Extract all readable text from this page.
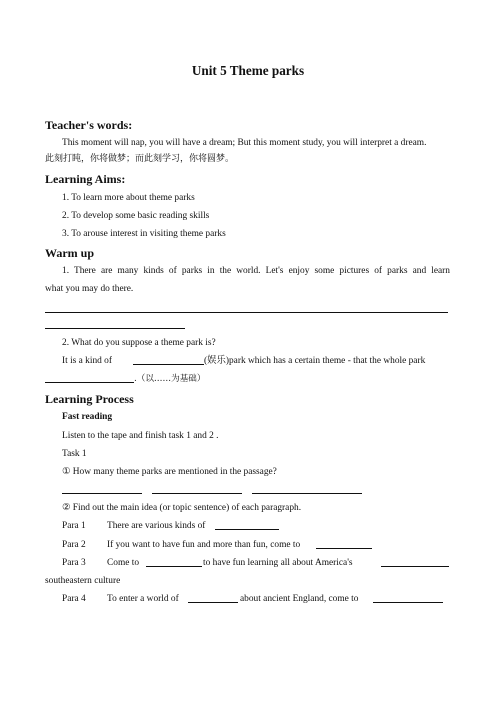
Unit 5 Theme parks
Teacher's words:
This moment will nap, you will have a dream; But this moment study, you will interpret a dream.
此刻打盹，你将做梦；而此刻学习，你将圆梦。
Learning Aims:
1. To learn more about theme parks
2. To develop some basic reading skills
3. To arouse interest in visiting theme parks
Warm up
1. There are many kinds of parks in the world. Let's enjoy some pictures of parks and learn
what you may do there.
2. What do you suppose a theme park is?
It is a kind of	(娱乐)park which has a certain theme - that the whole park
.（以……为基础）
Learning Process
Fast reading
Listen to the tape and finish task 1 and 2 .
Task 1
① How many theme parks are mentioned in the passage?
② Find out the main idea (or topic sentence) of each paragraph.
Para 1 There are various kinds of
Para 2 If you want to have fun and more than fun, come to
Para 3 Come to	to have fun learning all about America's
southeastern culture
Para 4 To enter a world of	about ancient England, come to
